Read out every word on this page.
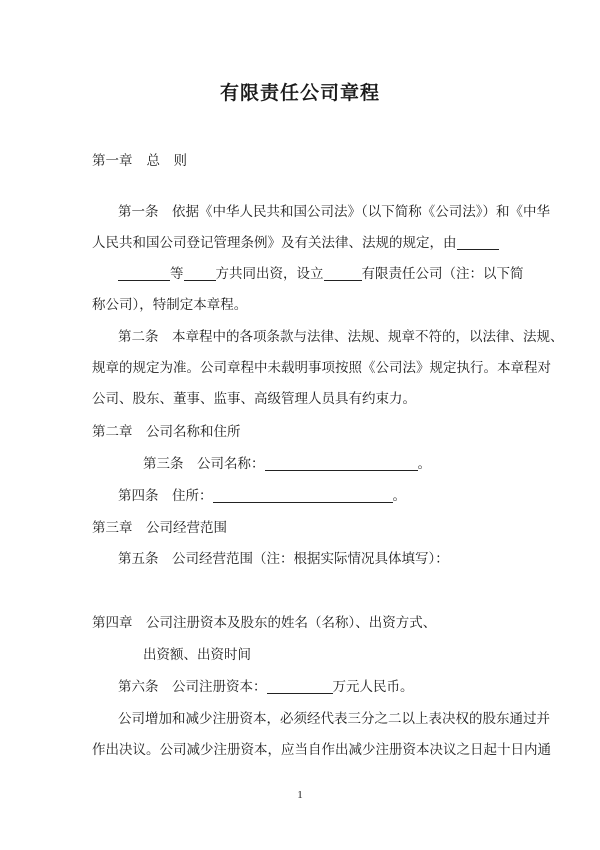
有限责任公司章程
第一章 总　则
第一条　依据《中华人民共和国公司法》（以下简称《公司法》）和《中华
人民共和国公司登记管理条例》及有关法律、法规的规定，由
等 方共同出资，设立	有限责任公司（注：以下简
称公司），特制定本章程。
第二条　本章程中的各项条款与法律、法规、规章不符的，以法律、法规、
规章的规定为准。公司章程中未载明事项按照《公司法》规定执行。本章程对
公司、股东、董事、监事、高级管理人员具有约束力。
第二章　公司名称和住所
第三条　公司名称：	。
第四条　住所：	。
第三章　公司经营范围
第五条　公司经营范围（注：根据实际情况具体填写）：
第四章　公司注册资本及股东的姓名（名称）、出资方式、
出资额、出资时间
第六条　公司注册资本：	万元人民币。
公司增加和减少注册资本，必须经代表三分之二以上表决权的股东通过并
作出决议。公司减少注册资本，应当自作出减少注册资本决议之日起十日内通
1
